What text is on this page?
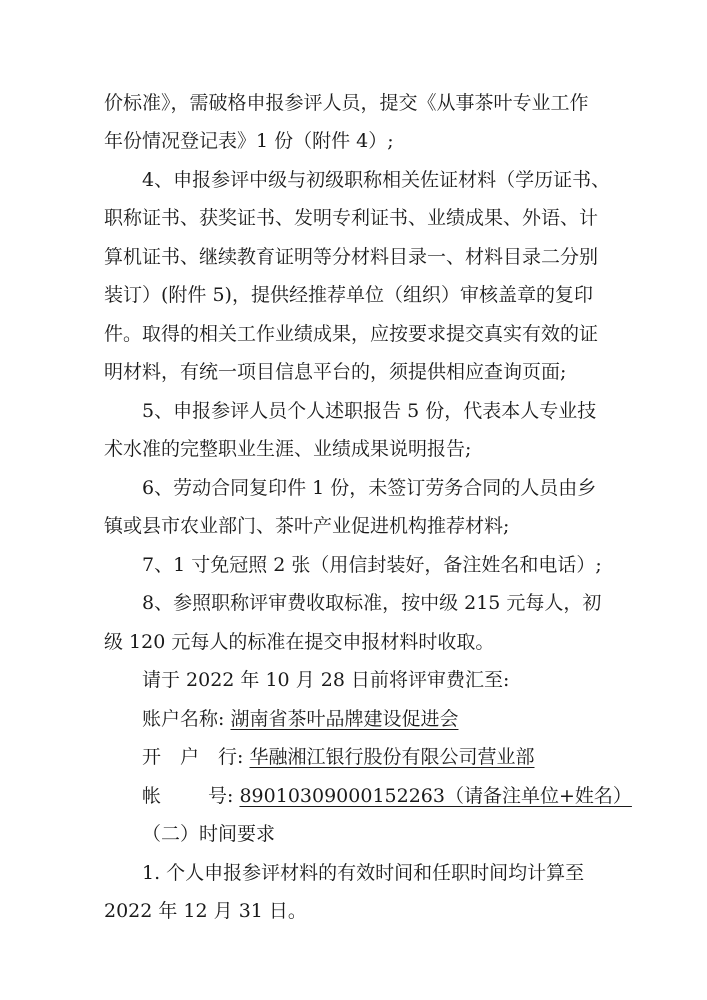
价标准》，需破格申报参评人员，提交《从事茶叶专业工作
年份情况登记表》1 份（附件 4）;
4、申报参评中级与初级职称相关佐证材料（学历证书、
职称证书、获奖证书、发明专利证书、业绩成果、外语、计
算机证书、继续教育证明等分材料目录一、材料目录二分别
装订）(附件 5)，提供经推荐单位（组织）审核盖章的复印
件。取得的相关工作业绩成果，应按要求提交真实有效的证
明材料，有统一项目信息平台的，须提供相应查询页面;
5、申报参评人员个人述职报告 5 份，代表本人专业技
术水准的完整职业生涯、业绩成果说明报告;
6、劳动合同复印件 1 份，未签订劳务合同的人员由乡
镇或县市农业部门、茶叶产业促进机构推荐材料;
7、1 寸免冠照 2 张（用信封装好，备注姓名和电话）;
8、参照职称评审费收取标准，按中级 215 元每人，初
级 120 元每人的标准在提交申报材料时收取。
请于 2022 年 10 月 28 日前将评审费汇至:
账户名称: 湖南省茶叶品牌建设促进会
开 户 行: 华融湘江银行股份有限公司营业部
帐 号: 89010309000152263（请备注单位+姓名）
（二）时间要求
1. 个人申报参评材料的有效时间和任职时间均计算至
2022 年 12 月 31 日。
